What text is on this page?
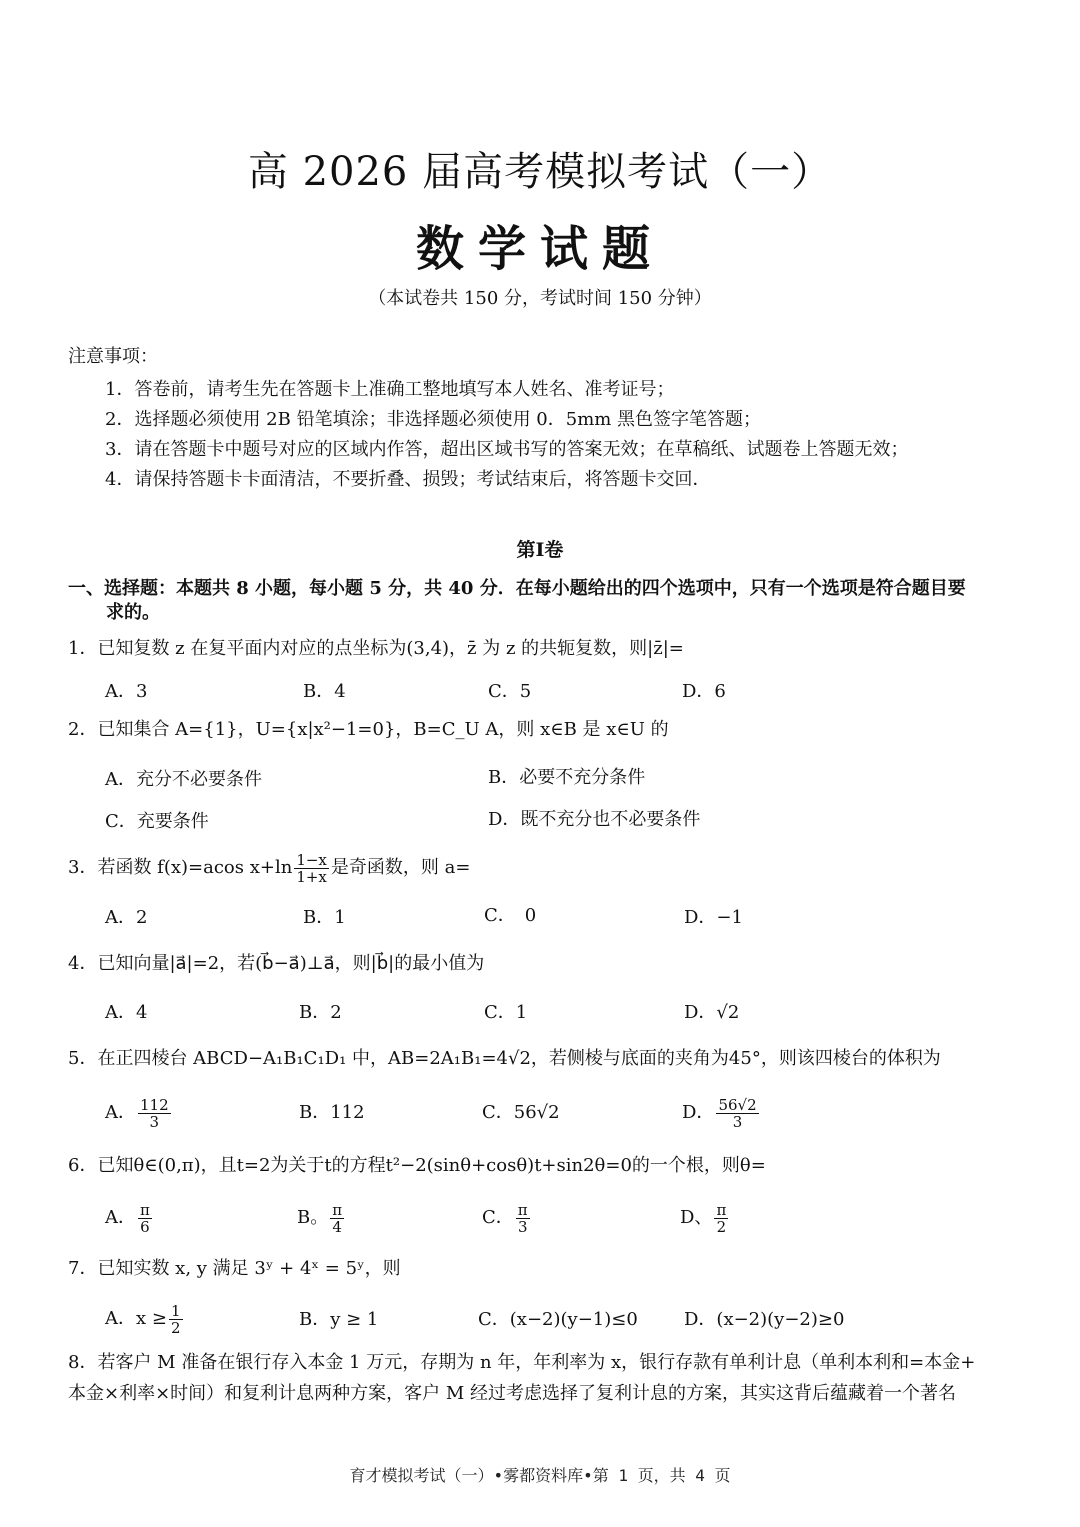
高 2026 届高考模拟考试（一）
数学试题
（本试卷共 150 分，考试时间 150 分钟）
注意事项：
1．答卷前，请考生先在答题卡上准确工整地填写本人姓名、准考证号；
2．选择题必须使用 2B 铅笔填涂；非选择题必须使用 0．5mm 黑色签字笔答题；
3．请在答题卡中题号对应的区域内作答，超出区域书写的答案无效；在草稿纸、试题卷上答题无效；
4．请保持答题卡卡面清洁，不要折叠、损毁；考试结束后，将答题卡交回．
第I卷
一、选择题：本题共 8 小题，每小题 5 分，共 40 分．在每小题给出的四个选项中，只有一个选项是符合题目要
求的。
1．已知复数 z 在复平面内对应的点坐标为(3,4)，z̄ 为 z 的共轭复数，则|z̄|=
A．3	B．4	C．5	D．6
2．已知集合 A={1}，U={x|x²−1=0}，B=C_U A，则 x∈B 是 x∈U 的
A．充分不必要条件	B．必要不充分条件
C．充要条件	D．既不充分也不必要条件
3．若函数 f(x)=acos $x+\ln \frac{1-x}{1+x}$ 是奇函数，则 a=
A．2	B．1	C．　0	D．−1
4．已知向量|a⃗|=2，若(b⃗−a⃗)⊥a⃗，则|b⃗|的最小值为
A．4	B．2	C．1	D．√2
5．在正四棱台 ABCD−A₁B₁C₁D₁ 中，AB=2A₁B₁=4√2，若侧棱与底面的夹角为45°，则该四棱台的体积为
A． $\frac{112}{3}$	B．112	C．56√2	D． $\frac{56√2}{3}$
6．已知θ∈(0,π)，且t=2为关于t的方程t²−2(sinθ+cosθ)t+sin2θ=0的一个根，则θ=
A． $\frac{\pi}{6}$	B。 $\frac{\pi}{4}$	C． $\frac{\pi}{3}$	D、 $\frac{\pi}{2}$
7．已知实数 x, y 满足 3ʸ + 4ˣ = 5ʸ，则
A．$x \ge \frac{1}{2}$	B．y ≥ 1	C．(x−2)(y−1)≤0	D．(x−2)(y−2)≥0
8．若客户 M 准备在银行存入本金 1 万元，存期为 n 年，年利率为 x，银行存款有单利计息（单利本利和=本金+
本金×利率×时间）和复利计息两种方案，客户 M 经过考虑选择了复利计息的方案，其实这背后蕴藏着一个著名
育才模拟考试（一）•雾都资料库•第 1 页，共 4 页
